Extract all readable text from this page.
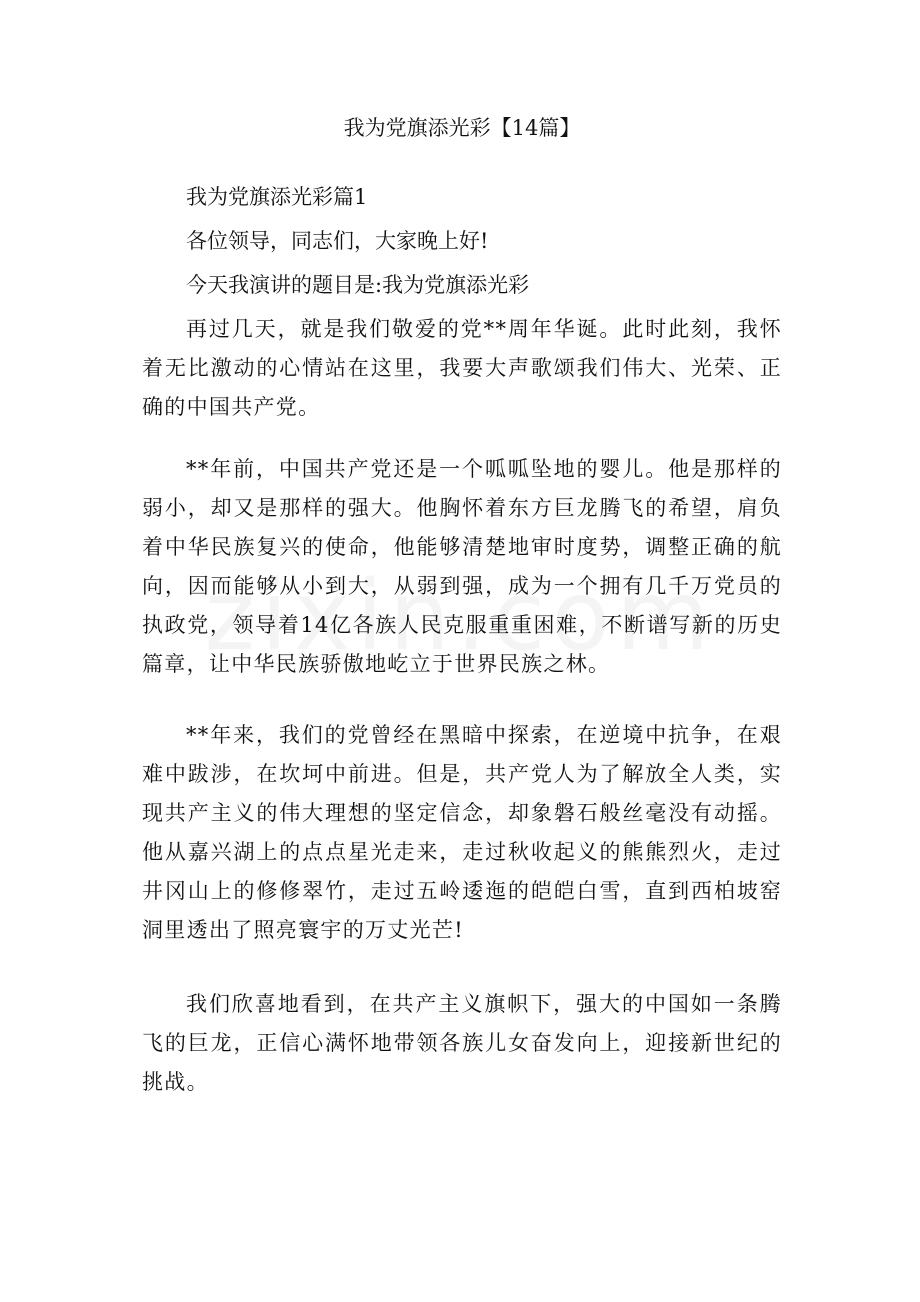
我为党旗添光彩【14篇】

我为党旗添光彩篇1

各位领导，同志们，大家晚上好!

今天我演讲的题目是:我为党旗添光彩

再过几天，就是我们敬爱的党**周年华诞。此时此刻，我怀着无比激动的心情站在这里，我要大声歌颂我们伟大、光荣、正确的中国共产党。

**年前，中国共产党还是一个呱呱坠地的婴儿。他是那样的弱小，却又是那样的强大。他胸怀着东方巨龙腾飞的希望，肩负着中华民族复兴的使命，他能够清楚地审时度势，调整正确的航向，因而能够从小到大，从弱到强，成为一个拥有几千万党员的执政党，领导着14亿各族人民克服重重困难，不断谱写新的历史篇章，让中华民族骄傲地屹立于世界民族之林。

**年来，我们的党曾经在黑暗中探索，在逆境中抗争，在艰难中跋涉，在坎坷中前进。但是，共产党人为了解放全人类，实现共产主义的伟大理想的坚定信念，却象磐石般丝毫没有动摇。他从嘉兴湖上的点点星光走来，走过秋收起义的熊熊烈火，走过井冈山上的修修翠竹，走过五岭逶迤的皑皑白雪，直到西柏坡窑洞里透出了照亮寰宇的万丈光芒!

我们欣喜地看到，在共产主义旗帜下，强大的中国如一条腾飞的巨龙，正信心满怀地带领各族儿女奋发向上，迎接新世纪的挑战。
